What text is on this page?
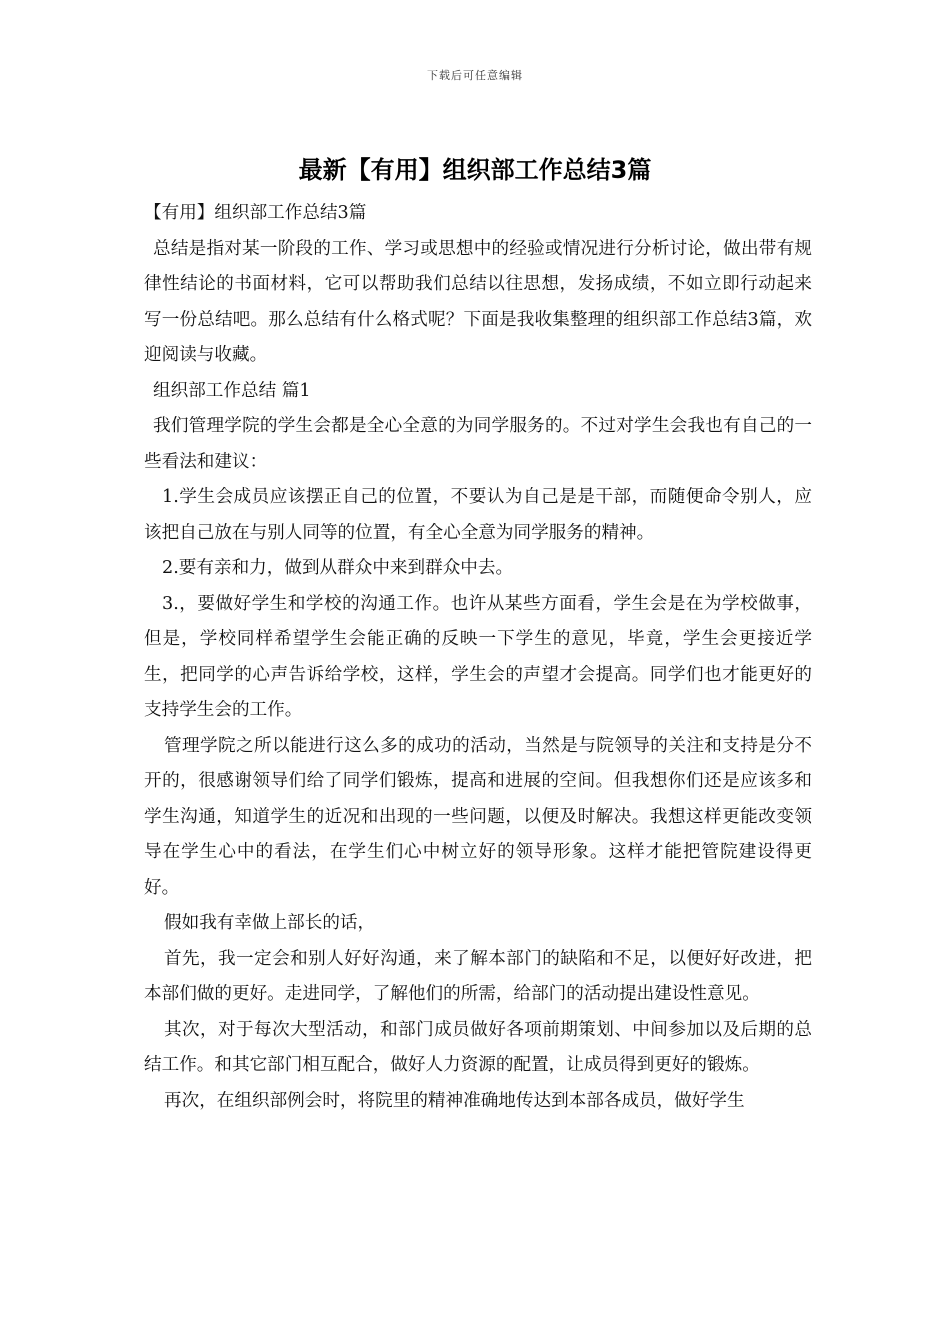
下载后可任意编辑
最新【有用】组织部工作总结3篇

【有用】组织部工作总结3篇

总结是指对某一阶段的工作、学习或思想中的经验或情况进行分析讨论，做出带有规律性结论的书面材料，它可以帮助我们总结以往思想，发扬成绩，不如立即行动起来写一份总结吧。那么总结有什么格式呢？下面是我收集整理的组织部工作总结3篇，欢迎阅读与收藏。

组织部工作总结 篇1

我们管理学院的学生会都是全心全意的为同学服务的。不过对学生会我也有自己的一些看法和建议：

1.学生会成员应该摆正自己的位置，不要认为自己是是干部，而随便命令别人，应该把自己放在与别人同等的位置，有全心全意为同学服务的精神。

2.要有亲和力，做到从群众中来到群众中去。

3.，要做好学生和学校的沟通工作。也许从某些方面看，学生会是在为学校做事，但是，学校同样希望学生会能正确的反映一下学生的意见，毕竟，学生会更接近学生，把同学的心声告诉给学校，这样，学生会的声望才会提高。同学们也才能更好的支持学生会的工作。

管理学院之所以能进行这么多的成功的活动，当然是与院领导的关注和支持是分不开的，很感谢领导们给了同学们锻炼，提高和进展的空间。但我想你们还是应该多和学生沟通，知道学生的近况和出现的一些问题，以便及时解决。我想这样更能改变领导在学生心中的看法，在学生们心中树立好的领导形象。这样才能把管院建设得更好。

假如我有幸做上部长的话，

首先，我一定会和别人好好沟通，来了解本部门的缺陷和不足，以便好好改进，把本部们做的更好。走进同学，了解他们的所需，给部门的活动提出建设性意见。

其次，对于每次大型活动，和部门成员做好各项前期策划、中间参加以及后期的总结工作。和其它部门相互配合，做好人力资源的配置，让成员得到更好的锻炼。

再次，在组织部例会时，将院里的精神准确地传达到本部各成员，做好学生
